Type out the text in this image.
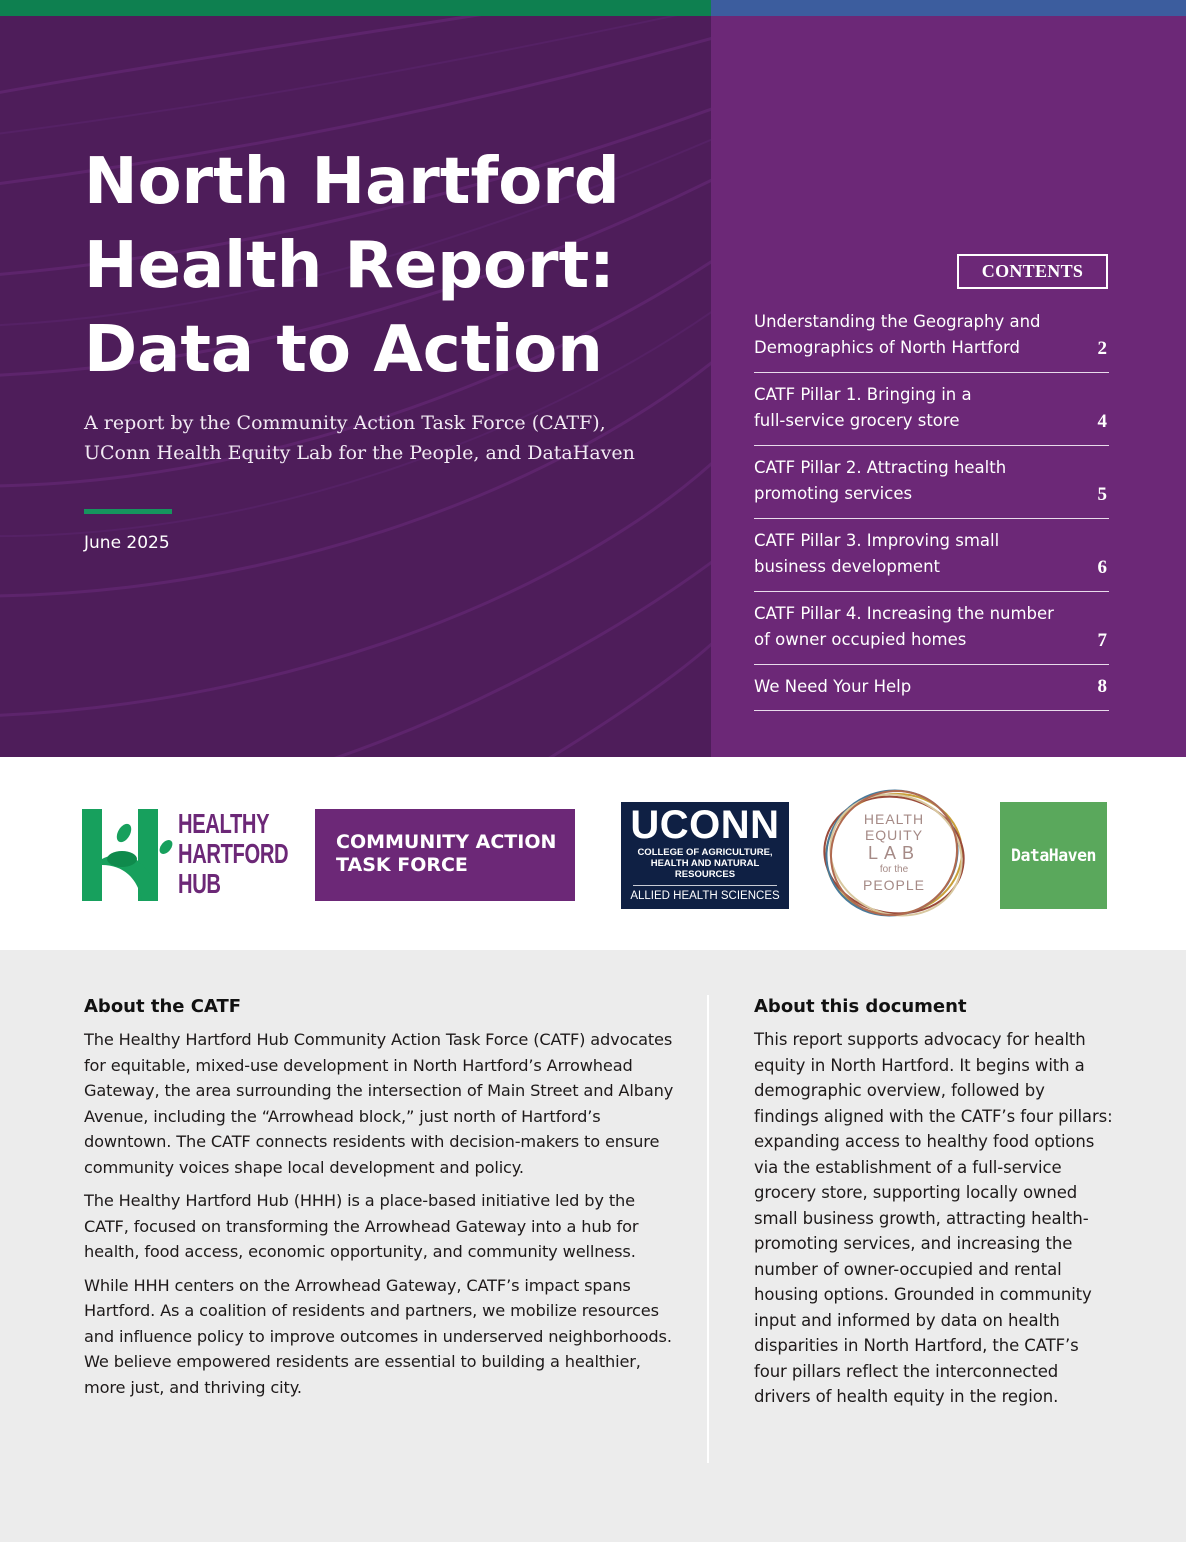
North Hartford
Health Report:
Data to Action
A report by the Community Action Task Force (CATF),
UConn Health Equity Lab for the People, and DataHaven
June 2025
CONTENTS
Understanding the Geography and
Demographics of North Hartford	2
CATF Pillar 1. Bringing in a
full-service grocery store	4
CATF Pillar 2. Attracting health
promoting services	5
CATF Pillar 3. Improving small
business development	6
CATF Pillar 4. Increasing the number
of owner occupied homes	7
We Need Your Help	8
HEALTHY
HARTFORD
HUB
COMMUNITY ACTION
TASK FORCE
UCONN
COLLEGE OF AGRICULTURE,
HEALTH AND NATURAL
RESOURCES
ALLIED HEALTH SCIENCES
HEALTH
EQUITY
LAB
for the
PEOPLE
DataHaven
About the CATF

The Healthy Hartford Hub Community Action Task Force (CATF) advocates for equitable, mixed-use development in North Hartford’s Arrowhead Gateway, the area surrounding the intersection of Main Street and Albany Avenue, including the “Arrowhead block,” just north of Hartford’s downtown. The CATF connects residents with decision-makers to ensure community voices shape local development and policy.

The Healthy Hartford Hub (HHH) is a place-based initiative led by the CATF, focused on transforming the Arrowhead Gateway into a hub for health, food access, economic opportunity, and community wellness.

While HHH centers on the Arrowhead Gateway, CATF’s impact spans Hartford. As a coalition of residents and partners, we mobilize resources and influence policy to improve outcomes in underserved neighborhoods. We believe empowered residents are essential to building a healthier, more just, and thriving city.

About this document

This report supports advocacy for health equity in North Hartford. It begins with a demographic overview, followed by findings aligned with the CATF’s four pillars: expanding access to healthy food options via the establishment of a full-service grocery store, supporting locally owned small business growth, attracting health-promoting services, and increasing the number of owner-occupied and rental housing options. Grounded in community input and informed by data on health disparities in North Hartford, the CATF’s four pillars reflect the interconnected drivers of health equity in the region.
